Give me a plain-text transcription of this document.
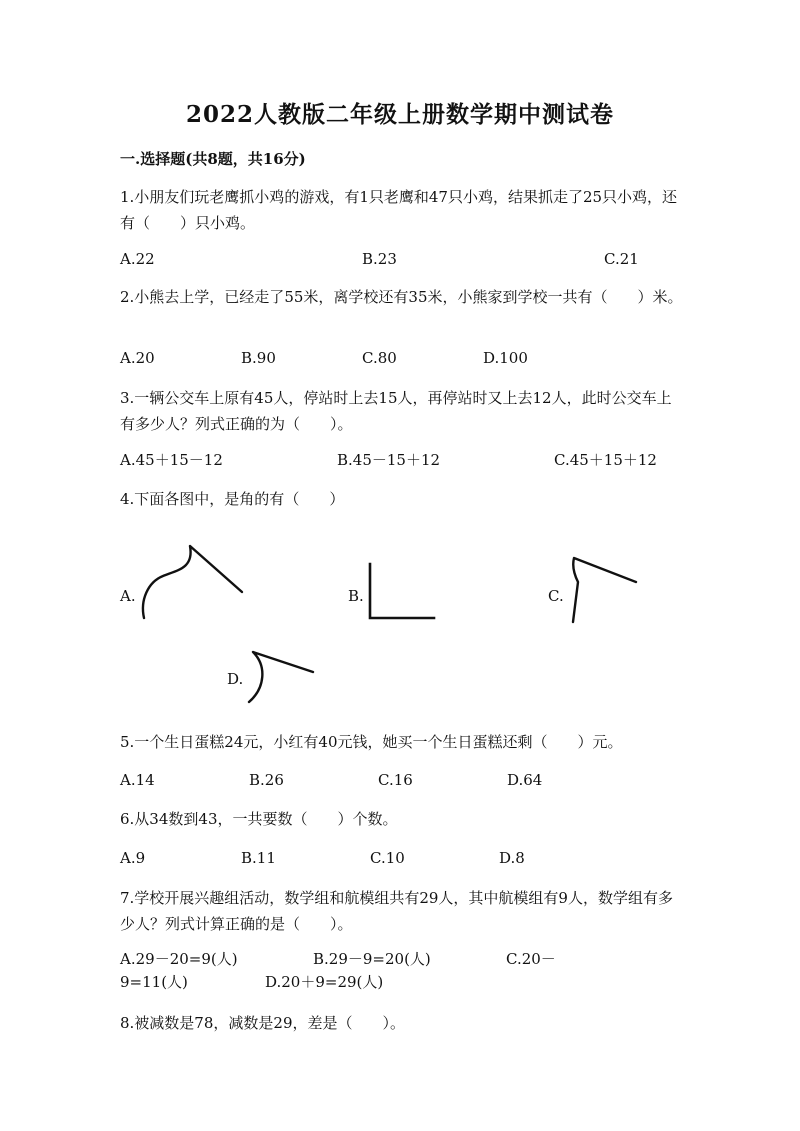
2022人教版二年级上册数学期中测试卷
一.选择题(共8题，共16分)
1.小朋友们玩老鹰抓小鸡的游戏，有1只老鹰和47只小鸡，结果抓走了25只小鸡，还有（　　）只小鸡。
A.22	B.23	C.21
2.小熊去上学，已经走了55米，离学校还有35米，小熊家到学校一共有（　　）米。
A.20	B.90	C.80	D.100
3.一辆公交车上原有45人，停站时上去15人，再停站时又上去12人，此时公交车上有多少人？列式正确的为（　　）。
A.45＋15－12	B.45－15＋12	C.45＋15＋12
4.下面各图中，是角的有（　　）
A.	B.	C.
D.
5.一个生日蛋糕24元，小红有40元钱，她买一个生日蛋糕还剩（　　）元。
A.14	B.26	C.16	D.64
6.从34数到43，一共要数（　　）个数。
A.9	B.11	C.10	D.8
7.学校开展兴趣组活动，数学组和航模组共有29人，其中航模组有9人，数学组有多少人？列式计算正确的是（　　）。
A.29－20=9(人)	B.29－9=20(人)	C.20－
9=11(人)	D.20＋9=29(人)
8.被减数是78，减数是29，差是（　　）。
